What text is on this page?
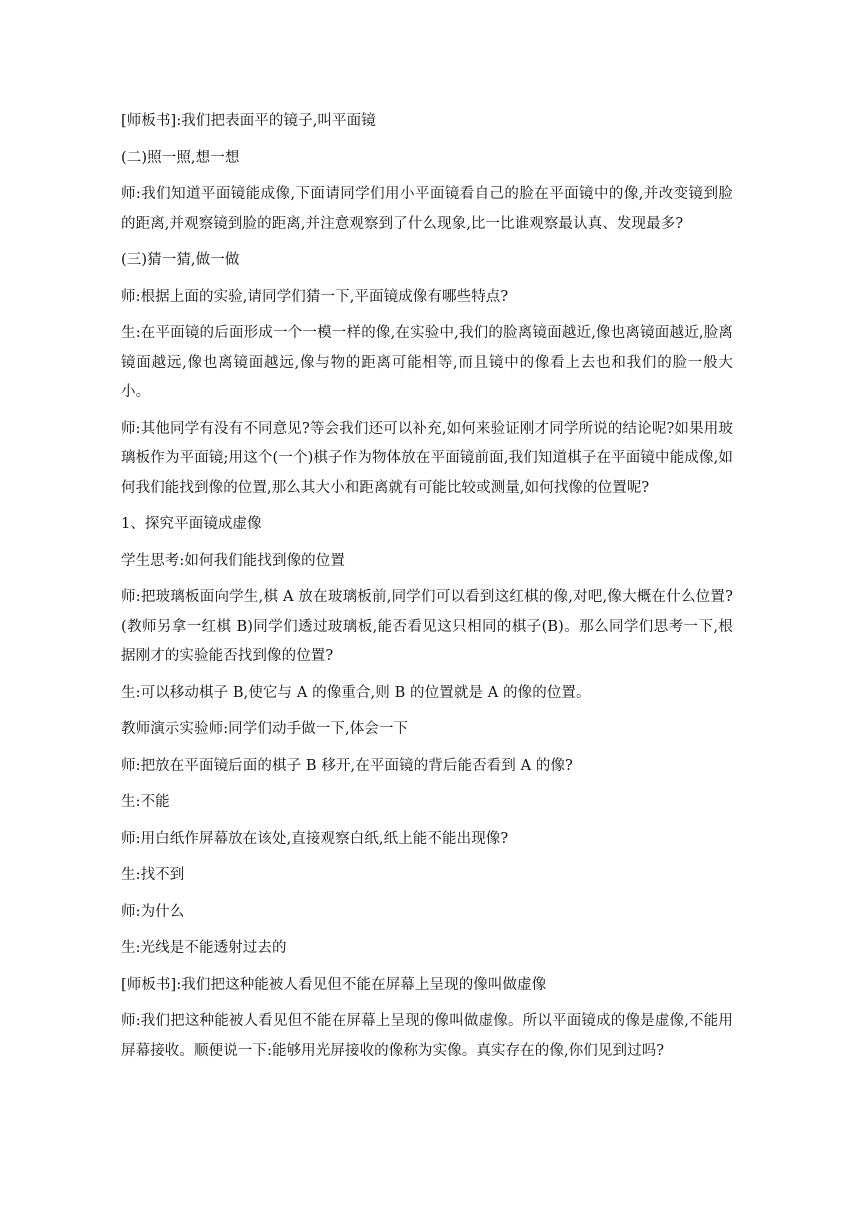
[师板书]:我们把表面平的镜子,叫平面镜

(二)照一照,想一想

师:我们知道平面镜能成像,下面请同学们用小平面镜看自己的脸在平面镜中的像,并改变镜到脸的距离,并观察镜到脸的距离,并注意观察到了什么现象,比一比谁观察最认真、发现最多?

(三)猜一猜,做一做

师:根据上面的实验,请同学们猜一下,平面镜成像有哪些特点?

生:在平面镜的后面形成一个一模一样的像,在实验中,我们的脸离镜面越近,像也离镜面越近,脸离镜面越远,像也离镜面越远,像与物的距离可能相等,而且镜中的像看上去也和我们的脸一般大小。

师:其他同学有没有不同意见?等会我们还可以补充,如何来验证刚才同学所说的结论呢?如果用玻璃板作为平面镜;用这个(一个)棋子作为物体放在平面镜前面,我们知道棋子在平面镜中能成像,如何我们能找到像的位置,那么其大小和距离就有可能比较或测量,如何找像的位置呢?

1、探究平面镜成虚像

学生思考:如何我们能找到像的位置

师:把玻璃板面向学生,棋 A 放在玻璃板前,同学们可以看到这红棋的像,对吧,像大概在什么位置?(教师另拿一红棋 B)同学们透过玻璃板,能否看见这只相同的棋子(B)。那么同学们思考一下,根据刚才的实验能否找到像的位置?

生:可以移动棋子 B,使它与 A 的像重合,则 B 的位置就是 A 的像的位置。

教师演示实验师:同学们动手做一下,体会一下

师:把放在平面镜后面的棋子 B 移开,在平面镜的背后能否看到 A 的像?

生:不能

师:用白纸作屏幕放在该处,直接观察白纸,纸上能不能出现像?

生:找不到

师:为什么

生:光线是不能透射过去的

[师板书]:我们把这种能被人看见但不能在屏幕上呈现的像叫做虚像

师:我们把这种能被人看见但不能在屏幕上呈现的像叫做虚像。所以平面镜成的像是虚像,不能用屏幕接收。顺便说一下:能够用光屏接收的像称为实像。真实存在的像,你们见到过吗?
